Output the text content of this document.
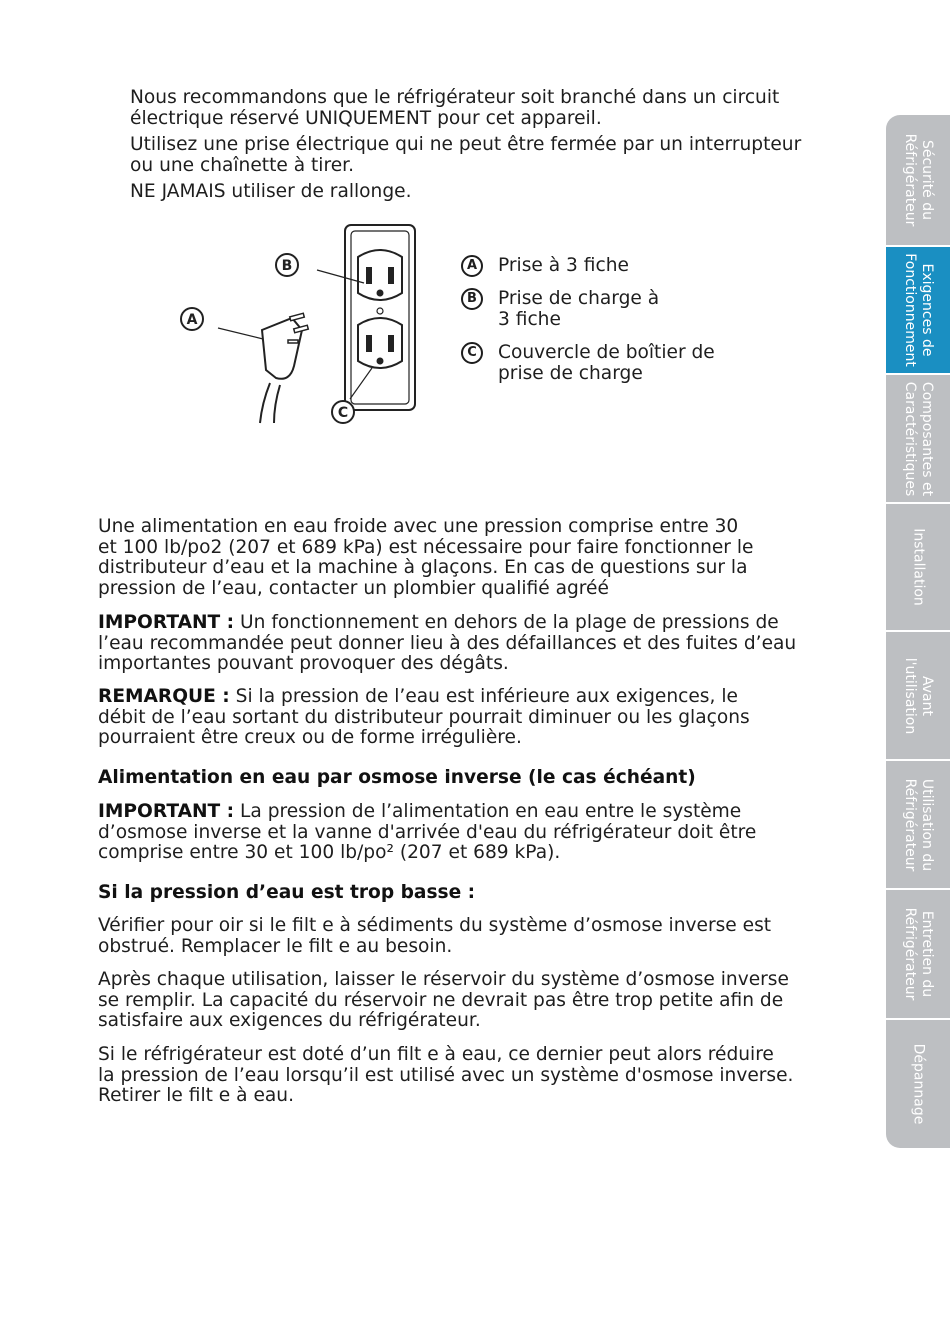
Nous recommandons que le réfrigérateur soit branché dans un circuit
électrique réservé UNIQUEMENT pour cet appareil.
Utilisez une prise électrique qui ne peut être fermée par un interrupteur
ou une chaînette à tirer.
NE JAMAIS utiliser de rallonge.
B
A
C
A	Prise à 3 fiche
B	Prise de charge à
3 fiche
C	Couvercle de boîtier de
prise de charge
Une alimentation en eau froide avec une pression comprise entre 30
et 100 lb/po2 (207 et 689 kPa) est nécessaire pour faire fonctionner le
distributeur d’eau et la machine à glaçons. En cas de questions sur la
pression de l’eau, contacter un plombier qualifié agréé
IMPORTANT : Un fonctionnement en dehors de la plage de pressions de
l’eau recommandée peut donner lieu à des défaillances et des fuites d’eau
importantes pouvant provoquer des dégâts.
REMARQUE : Si la pression de l’eau est inférieure aux exigences, le
débit de l’eau sortant du distributeur pourrait diminuer ou les glaçons
pourraient être creux ou de forme irrégulière.
Alimentation en eau par osmose inverse (le cas échéant)
IMPORTANT : La pression de l’alimentation en eau entre le système
d’osmose inverse et la vanne d'arrivée d'eau du réfrigérateur doit être
comprise entre 30 et 100 lb/po² (207 et 689 kPa).
Si la pression d’eau est trop basse :
Vérifier pour oir si le filt e à sédiments du système d’osmose inverse est
obstrué. Remplacer le filt e au besoin.
Après chaque utilisation, laisser le réservoir du système d’osmose inverse
se remplir. La capacité du réservoir ne devrait pas être trop petite afin de
satisfaire aux exigences du réfrigérateur.
Si le réfrigérateur est doté d’un filt e à eau, ce dernier peut alors réduire
la pression de l’eau lorsqu’il est utilisé avec un système d'osmose inverse.
Retirer le filt e à eau.
Sécurité du
Réfrigérateur
Exigences de
Fonctionnement
Composantes et
Caractéristiques
Installation
Avant
l'utilisation
Utilisation du
Réfrigérateur
Entretien du
Réfrigérateur
Dépannage
